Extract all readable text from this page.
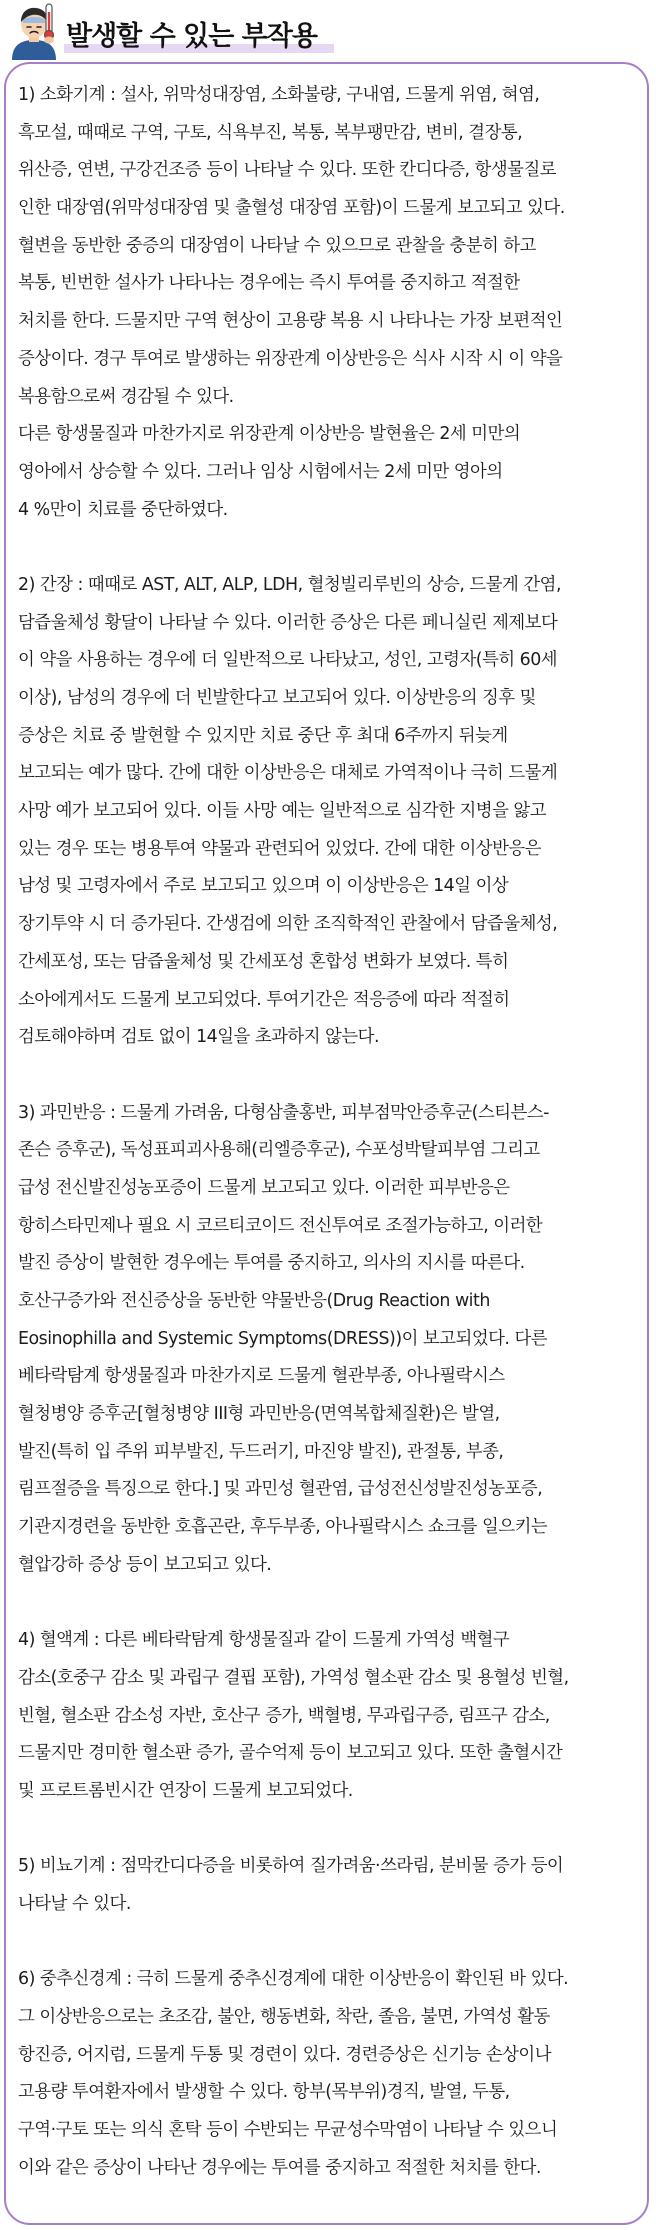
발생할 수 있는 부작용
1) 소화기계 : 설사, 위막성대장염, 소화불량, 구내염, 드물게 위염, 혀염,
흑모설, 때때로 구역, 구토, 식욕부진, 복통, 복부팽만감, 변비, 결장통,
위산증, 연변, 구강건조증 등이 나타날 수 있다. 또한 칸디다증, 항생물질로
인한 대장염(위막성대장염 및 출혈성 대장염 포함)이 드물게 보고되고 있다.
혈변을 동반한 중증의 대장염이 나타날 수 있으므로 관찰을 충분히 하고
복통, 빈번한 설사가 나타나는 경우에는 즉시 투여를 중지하고 적절한
처치를 한다. 드물지만 구역 현상이 고용량 복용 시 나타나는 가장 보편적인
증상이다. 경구 투여로 발생하는 위장관계 이상반응은 식사 시작 시 이 약을
복용함으로써 경감될 수 있다.
다른 항생물질과 마찬가지로 위장관계 이상반응 발현율은 2세 미만의
영아에서 상승할 수 있다. 그러나 임상 시험에서는 2세 미만 영아의
4 %만이 치료를 중단하였다.
2) 간장 : 때때로 AST, ALT, ALP, LDH, 혈청빌리루빈의 상승, 드물게 간염,
담즙울체성 황달이 나타날 수 있다. 이러한 증상은 다른 페니실린 제제보다
이 약을 사용하는 경우에 더 일반적으로 나타났고, 성인, 고령자(특히 60세
이상), 남성의 경우에 더 빈발한다고 보고되어 있다. 이상반응의 징후 및
증상은 치료 중 발현할 수 있지만 치료 중단 후 최대 6주까지 뒤늦게
보고되는 예가 많다. 간에 대한 이상반응은 대체로 가역적이나 극히 드물게
사망 예가 보고되어 있다. 이들 사망 예는 일반적으로 심각한 지병을 앓고
있는 경우 또는 병용투여 약물과 관련되어 있었다. 간에 대한 이상반응은
남성 및 고령자에서 주로 보고되고 있으며 이 이상반응은 14일 이상
장기투약 시 더 증가된다. 간생검에 의한 조직학적인 관찰에서 담즙울체성,
간세포성, 또는 담즙울체성 및 간세포성 혼합성 변화가 보였다. 특히
소아에게서도 드물게 보고되었다. 투여기간은 적응증에 따라 적절히
검토해야하며 검토 없이 14일을 초과하지 않는다.
3) 과민반응 : 드물게 가려움, 다형삼출홍반, 피부점막안증후군(스티븐스-
존슨 증후군), 독성표피괴사용해(리엘증후군), 수포성박탈피부염 그리고
급성 전신발진성농포증이 드물게 보고되고 있다. 이러한 피부반응은
항히스타민제나 필요 시 코르티코이드 전신투여로 조절가능하고, 이러한
발진 증상이 발현한 경우에는 투여를 중지하고, 의사의 지시를 따른다.
호산구증가와 전신증상을 동반한 약물반응(Drug Reaction with
Eosinophilla and Systemic Symptoms(DRESS))이 보고되었다. 다른
베타락탐계 항생물질과 마찬가지로 드물게 혈관부종, 아나필락시스
혈청병양 증후군[혈청병양 III형 과민반응(면역복합체질환)은 발열,
발진(특히 입 주위 피부발진, 두드러기, 마진양 발진), 관절통, 부종,
림프절증을 특징으로 한다.] 및 과민성 혈관염, 급성전신성발진성농포증,
기관지경련을 동반한 호흡곤란, 후두부종, 아나필락시스 쇼크를 일으키는
혈압강하 증상 등이 보고되고 있다.
4) 혈액계 : 다른 베타락탐계 항생물질과 같이 드물게 가역성 백혈구
감소(호중구 감소 및 과립구 결핍 포함), 가역성 혈소판 감소 및 용혈성 빈혈,
빈혈, 혈소판 감소성 자반, 호산구 증가, 백혈병, 무과립구증, 림프구 감소,
드물지만 경미한 혈소판 증가, 골수억제 등이 보고되고 있다. 또한 출혈시간
및 프로트롬빈시간 연장이 드물게 보고되었다.
5) 비뇨기계 : 점막칸디다증을 비롯하여 질가려움·쓰라림, 분비물 증가 등이
나타날 수 있다.
6) 중추신경계 : 극히 드물게 중추신경계에 대한 이상반응이 확인된 바 있다.
그 이상반응으로는 초조감, 불안, 행동변화, 착란, 졸음, 불면, 가역성 활동
항진증, 어지럼, 드물게 두통 및 경련이 있다. 경련증상은 신기능 손상이나
고용량 투여환자에서 발생할 수 있다. 항부(목부위)경직, 발열, 두통,
구역·구토 또는 의식 혼탁 등이 수반되는 무균성수막염이 나타날 수 있으니
이와 같은 증상이 나타난 경우에는 투여를 중지하고 적절한 처치를 한다.
